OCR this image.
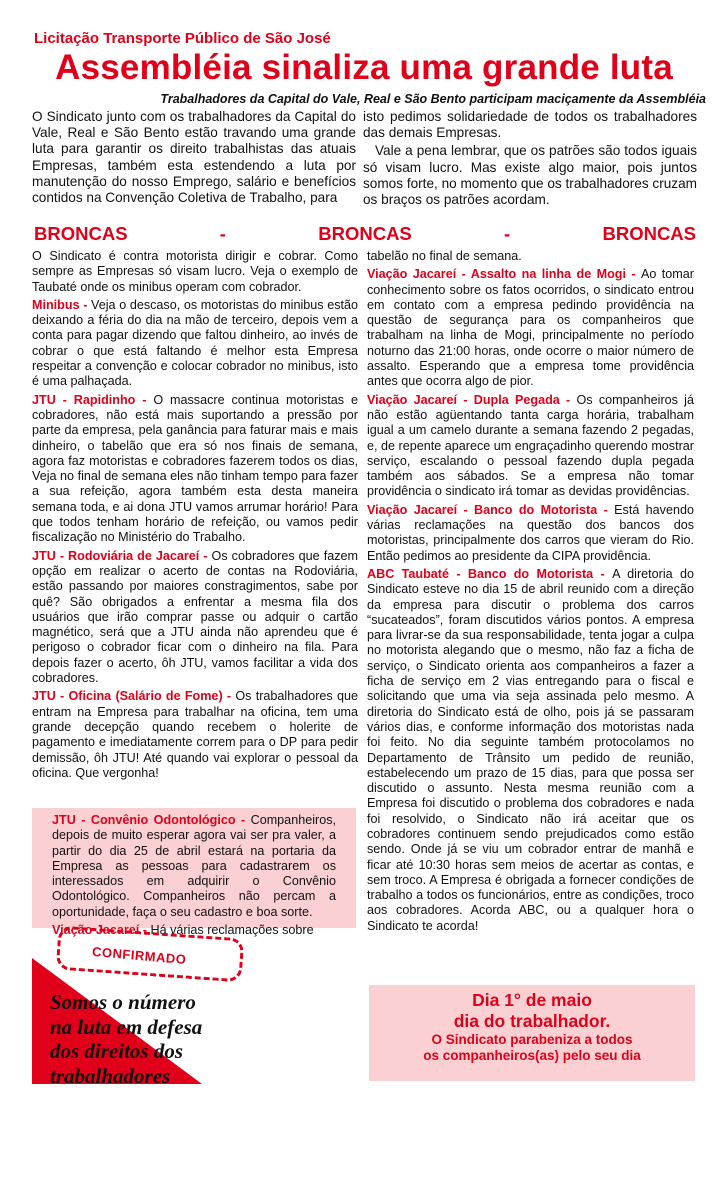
Licitação Transporte Público de São José
Assembléia sinaliza uma grande luta
Trabalhadores da Capital do Vale, Real e São Bento participam maciçamente da Assembléia

O Sindicato junto com os trabalhadores da Capital do Vale, Real e São Bento estão travando uma grande luta para garantir os direito trabalhistas das atuais Empresas, também esta estendendo a luta por manutenção do nosso Emprego, salário e benefícios contidos na Convenção Coletiva de Trabalho, para

isto pedimos solidariedade de todos os trabalhadores das demais Empresas.

Vale a pena lembrar, que os patrões são todos iguais só visam lucro. Mas existe algo maior, pois juntos somos forte, no momento que os trabalhadores cruzam os braços os patrões acordam.

BRONCAS	-	BRONCAS	-	BRONCAS

O Sindicato é contra motorista dirigir e cobrar. Como sempre as Empresas só visam lucro. Veja o exemplo de Taubaté onde os minibus operam com cobrador.

Minibus - Veja o descaso, os motoristas do minibus estão deixando a féria do dia na mão de terceiro, depois vem a conta para pagar dizendo que faltou dinheiro, ao invés de cobrar o que está faltando é melhor esta Empresa respeitar a convenção e colocar cobrador no minibus, isto é uma palhaçada.

JTU - Rapidinho - O massacre continua motoristas e cobradores, não está mais suportando a pressão por parte da empresa, pela ganância para faturar mais e mais dinheiro, o tabelão que era só nos finais de semana, agora faz motoristas e cobradores fazerem todos os dias, Veja no final de semana eles não tinham tempo para fazer a sua refeição, agora também esta desta maneira semana toda, e ai dona JTU vamos arrumar horário! Para que todos tenham horário de refeição, ou vamos pedir fiscalização no Ministério do Trabalho.

JTU - Rodoviária de Jacareí - Os cobradores que fazem opção em realizar o acerto de contas na Rodoviária, estão passando por maiores constragimentos, sabe por quê? São obrigados a enfrentar a mesma fila dos usuários que irão comprar passe ou adquir o cartão magnético, será que a JTU ainda não aprendeu que é perigoso o cobrador ficar com o dinheiro na fila. Para depois fazer o acerto, ôh JTU, vamos facilitar a vida dos cobradores.

JTU - Oficina (Salário de Fome) - Os trabalhadores que entram na Empresa para trabalhar na oficina, tem uma grande decepção quando recebem o holerite de pagamento e imediatamente correm para o DP para pedir demissão, ôh JTU! Até quando vai explorar o pessoal da oficina. Que vergonha!

JTU - Convênio Odontológico - Companheiros, depois de muito esperar agora vai ser pra valer, a partir do dia 25 de abril estará na portaria da Empresa as pessoas para cadastrarem os interessados em adquirir o Convênio Odontológico. Companheiros não percam a oportunidade, faça o seu cadastro e boa sorte.

Viação Jacareí - Há várias reclamações sobre

tabelão no final de semana.

Viação Jacareí - Assalto na linha de Mogi - Ao tomar conhecimento sobre os fatos ocorridos, o sindicato entrou em contato com a empresa pedindo providência na questão de segurança para os companheiros que trabalham na linha de Mogi, principalmente no período noturno das 21:00 horas, onde ocorre o maior número de assalto. Esperando que a empresa tome providência antes que ocorra algo de pior.

Viação Jacareí - Dupla Pegada - Os companheiros já não estão agüentando tanta carga horária, trabalham igual a um camelo durante a semana fazendo 2 pegadas, e, de repente aparece um engraçadinho querendo mostrar serviço, escalando o pessoal fazendo dupla pegada também aos sábados. Se a empresa não tomar providência o sindicato irá tomar as devidas providências.

Viação Jacareí - Banco do Motorista - Está havendo várias reclamações na questão dos bancos dos motoristas, principalmente dos carros que vieram do Rio. Então pedimos ao presidente da CIPA providência.

ABC Taubaté - Banco do Motorista - A diretoria do Sindicato esteve no dia 15 de abril reunido com a direção da empresa para discutir o problema dos carros “sucateados”, foram discutidos vários pontos. A empresa para livrar-se da sua responsabilidade, tenta jogar a culpa no motorista alegando que o mesmo, não faz a ficha de serviço, o Sindicato orienta aos companheiros a fazer a ficha de serviço em 2 vias entregando para o fiscal e solicitando que uma via seja assinada pelo mesmo. A diretoria do Sindicato está de olho, pois já se passaram vários dias, e conforme informação dos motoristas nada foi feito. No dia seguinte também protocolamos no Departamento de Trânsito um pedido de reunião, estabelecendo um prazo de 15 dias, para que possa ser discutido o assunto. Nesta mesma reunião com a Empresa foi discutido o problema dos cobradores e nada foi resolvido, o Sindicato não irá aceitar que os cobradores continuem sendo prejudicados como estão sendo. Onde já se viu um cobrador entrar de manhã e ficar até 10:30 horas sem meios de acertar as contas, e sem troco. A Empresa é obrigada a fornecer condições de trabalho a todos os funcionários, entre as condições, troco aos cobradores. Acorda ABC, ou a qualquer hora o Sindicato te acorda!

CONFIRMADO
Somos o número na luta em defesa dos direitos dos trabalhadores
Dia 1° de maio
dia do trabalhador.
O Sindicato parabeniza a todos
os companheiros(as) pelo seu dia
